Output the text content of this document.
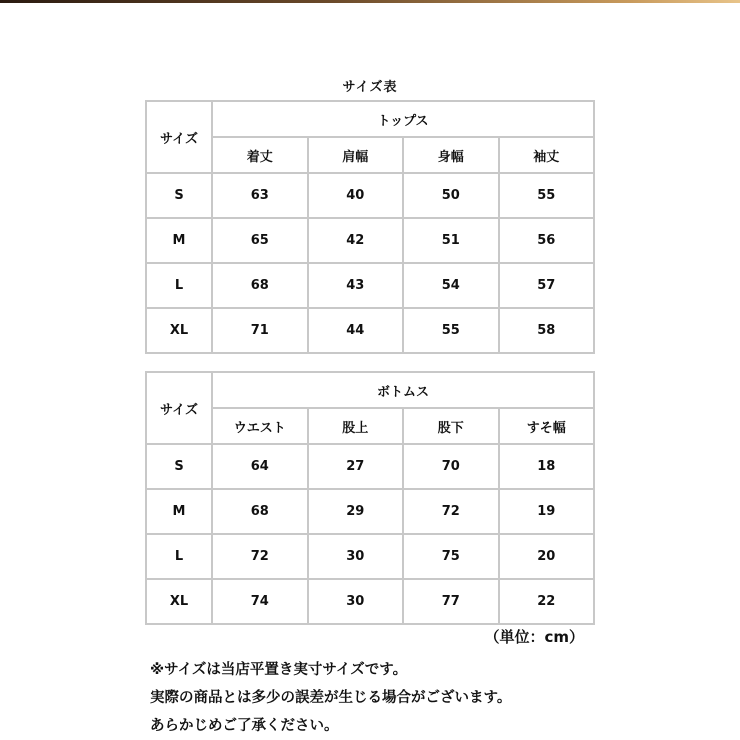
サイズ表
サイズ	トップス			
	着丈	肩幅	身幅	袖丈
S	63	40	50	55
M	65	42	51	56
L	68	43	54	57
XL	71	44	55	58
サイズ	ボトムス			
	ウエスト	股上	股下	すそ幅
S	64	27	70	18
M	68	29	72	19
L	72	30	75	20
XL	74	30	77	22
（単位：cm）
※サイズは当店平置き実寸サイズです。
実際の商品とは多少の誤差が生じる場合がございます。
あらかじめご了承ください。
